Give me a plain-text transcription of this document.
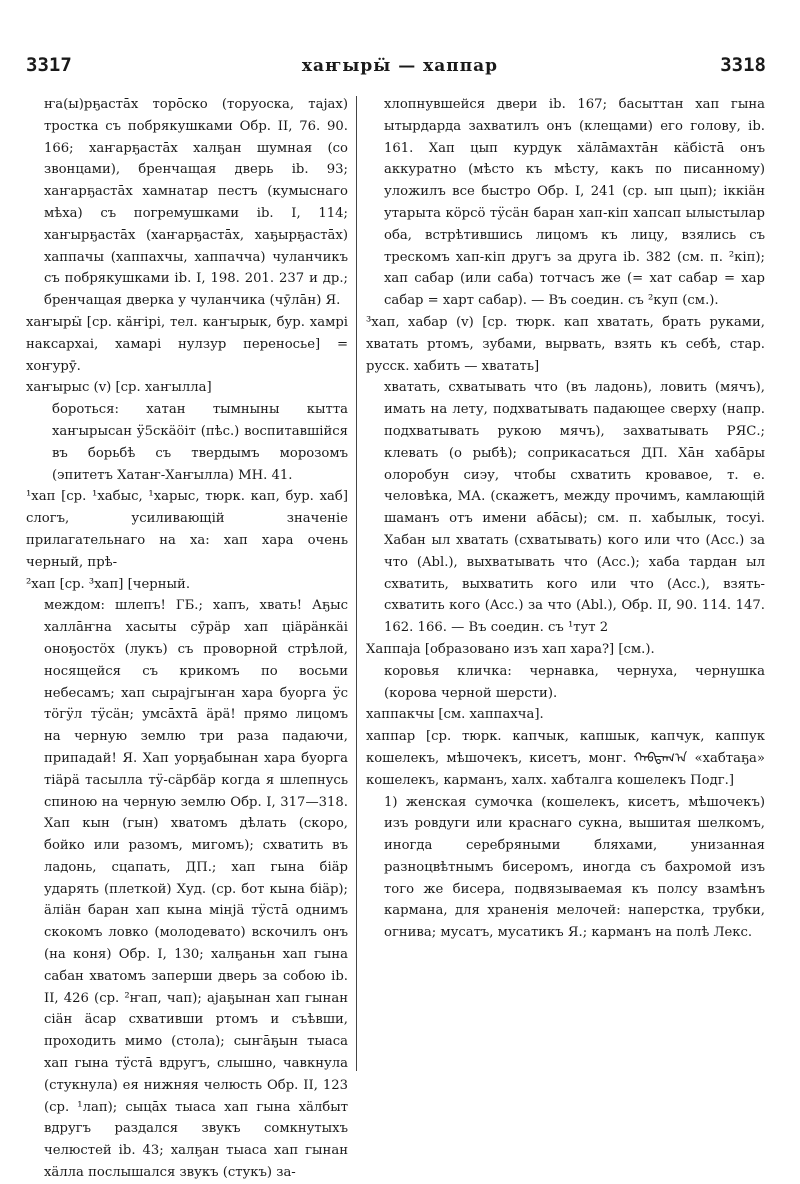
3317	хаҥырӹ — хаппар	3318

ҥа(ы)рҕастāх торōско (торуоска, тајах) тростка съ побрякушками Обр. II, 76. 90. 166; хаҥарҕастāх халҕан шумная (со звонцами), бренчащая дверь ib. 93; хаҥарҕастāх хамнатар пестъ (кумыснаго мѣха) съ погремушками ib. I, 114; хаҥырҕастāх (хаҥарҕастāх, хаҕырҕастāх) хаппачы (хаппахчы, хаппачча) чуланчикъ съ побрякушками ib. I, 198. 201. 237 и др.; бренчащая дверка у чуланчика (чӯлāн) Я.

хаҥырӹ [ср. кäҥірі, тел. каҥырык, бур. хамрі наксархаі, хамарі нулзур переносье] = хоҥурӯ.

хаҥырыс (v) [ср. хаҥылла]

бороться: хатан тымныны кытта хаҥырысан ӱ5скäöiт (пѣс.) воспитавшійся въ борьбѣ съ твердымъ морозомъ (эпитетъ Хатаҥ-Хаҥылла) МН. 41.

¹хап [ср. ¹хабыс, ¹харыс, тюрк. кап, бур. хаб] слогъ, усиливающій значеніе прилагательнаго на ха: хап хара очень черный, прѣ-

²хап [ср. ³хап] [черный.

междом: шлепъ! ГБ.; хапъ, хвать! Аҕыс халлāҥна хасыты сӯрäр хап ціäрäнкäі оноҕостӧх (лукъ) съ проворной стрѣлой, носящейся съ крикомъ по восьми небесамъ; хап сырајгыҥан хара буорга ӱс тӧгӱл тӱсäн; умсāхтā äрä! прямо лицомъ на черную землю три раза падаючи, припадай! Я. Хап уорҕабынан хара буорга тіäрä тасылла тӱ-сäрбäр когда я шлепнусь спиною на черную землю Обр. I, 317—318. Хап кын (гын) хватомъ дѣлать (скоро, бойко или разомъ, мигомъ); схватить въ ладонь, сцапать, ДП.; хап гына біäр ударять (плеткой) Худ. (ср. бот кына біäр); äлiäн баран хап кына мiнjä тӱстā однимъ скокомъ ловко (молодевато) вскочилъ онъ (на коня) Обр. I, 130; халҕаньн хап гына сабан хватомъ заперши дверь за собою ib. II, 426 (ср. ²ҥап, чап); аjаҕынан хап гынан сіäн äсар схвативши ртомъ и съѣвши, проходить мимо (стола); сыҥāҕын тыаса хап гына тӱстā вдругъ, слышно, чавкнула (стукнула) ея нижняя челюсть Обр. II, 123 (ср. ¹лап); сыцāх тыаса хап гына хäлбыт вдругъ раздался звукъ сомкнутыхъ челюстей ib. 43; халҕан тыаса хап гынан хäлла послышался звукъ (стукъ) за-

хлопнувшейся двери ib. 167; басыттан хап гына ытырдарда захватилъ онъ (клещами) его голову, ib. 161. Хап цып курдук хäлāмахтāн кäбістā онъ аккуратно (мѣсто къ мѣсту, какъ по писанному) уложилъ все быстро Обр. I, 241 (ср. ып цып); іккіäн утарыта кӧрсӧ тӱсäн баран хап-кіп хапсап ылыстылар оба, встрѣтившись лицомъ къ лицу, взялись съ трескомъ хап-кіп другъ за друга ib. 382 (см. п. ²кіп); хап сабар (или саба) тотчасъ же (= хат сабар = хар сабар = харт сабар). — Въ соедин. съ ²куп (см.).

³хап, хабар (v) [ср. тюрк. кап хватать, брать руками, хватать ртомъ, зубами, вырвать, взять къ себѣ, стар. русск. хабить — хватать]

хватать, схватывать что (въ ладонь), ловить (мячъ), имать на лету, подхватывать падающее сверху (напр. подхватывать рукою мячъ), захватывать РЯС.; клевать (о рыбѣ); соприкасаться ДП. Хāн хабāры олоробун сиэу, чтобы схватить кровавое, т. е. человѣка, МА. (скажетъ, между прочимъ, камлающій шаманъ отъ имени абāсы); см. п. хабылык, тосуі. Хабан ыл хватать (схватывать) кого или что (Acc.) за что (Abl.), выхватывать что (Acc.); хаба тардан ыл схватить, выхватить кого или что (Acc.), взять-схватить кого (Acc.) за что (Abl.), Обр. II, 90. 114. 147. 162. 166. — Въ соедин. съ ¹тут 2

Хаппаја [образовано изъ хап хара?] [см.).

коровья кличка: чернавка, чернуха, чернушка (корова черной шерсти).

хаппакчы [см. хаппахча].

хаппар [ср. тюрк. капчык, капшык, капчук, каппук кошелекъ, мѣшочекъ, кисетъ, монг. ᠬᠠᠪᠲᠠᠭ᠎ᠠ «хабтаҕа» кошелекъ, карманъ, халх. хабталга кошелекъ Подг.]

1) женская сумочка (кошелекъ, кисетъ, мѣшочекъ) изъ ровдуги или краснаго сукна, вышитая шелкомъ, иногда серебряными бляхами, унизанная разноцвѣтнымъ бисеромъ, иногда съ бахромой изъ того же бисера, подвязываемая къ полсу взамѣнъ кармана, для храненія мелочей: наперстка, трубки, огнива; мусатъ, мусатикъ Я.; карманъ на полѣ Лекс.
